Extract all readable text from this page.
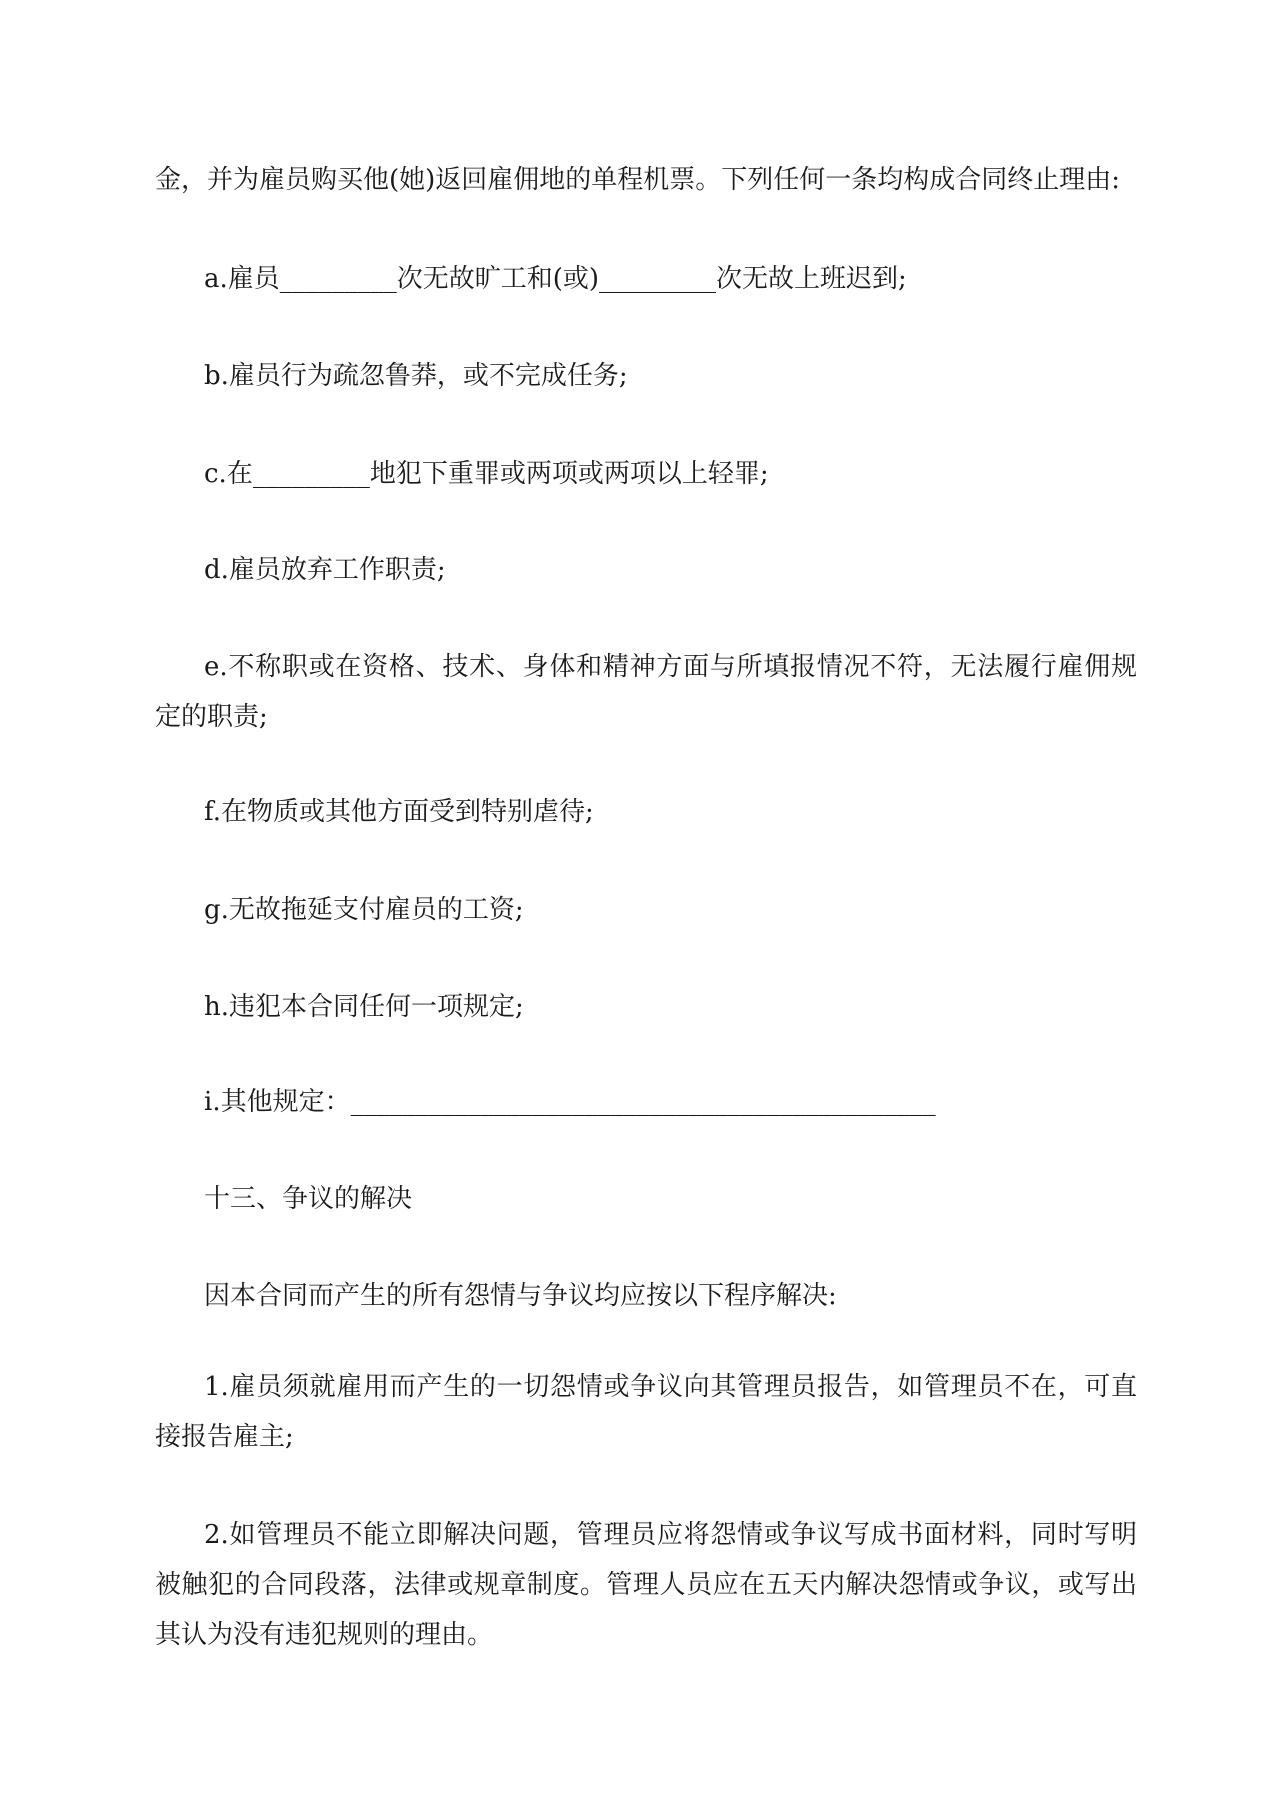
金，并为雇员购买他(她)返回雇佣地的单程机票。下列任何一条均构成合同终止理由:

a.雇员_________次无故旷工和(或)_________次无故上班迟到;

b.雇员行为疏忽鲁莽，或不完成任务;

c.在_________地犯下重罪或两项或两项以上轻罪;

d.雇员放弃工作职责;

e.不称职或在资格、技术、身体和精神方面与所填报情况不符，无法履行雇佣规定的职责;

f.在物质或其他方面受到特别虐待;

g.无故拖延支付雇员的工资;

h.违犯本合同任何一项规定;

i.其他规定：_____________________________________________

十三、争议的解决

因本合同而产生的所有怨情与争议均应按以下程序解决:

1.雇员须就雇用而产生的一切怨情或争议向其管理员报告，如管理员不在，可直接报告雇主;

2.如管理员不能立即解决问题，管理员应将怨情或争议写成书面材料，同时写明被触犯的合同段落，法律或规章制度。管理人员应在五天内解决怨情或争议，或写出其认为没有违犯规则的理由。
